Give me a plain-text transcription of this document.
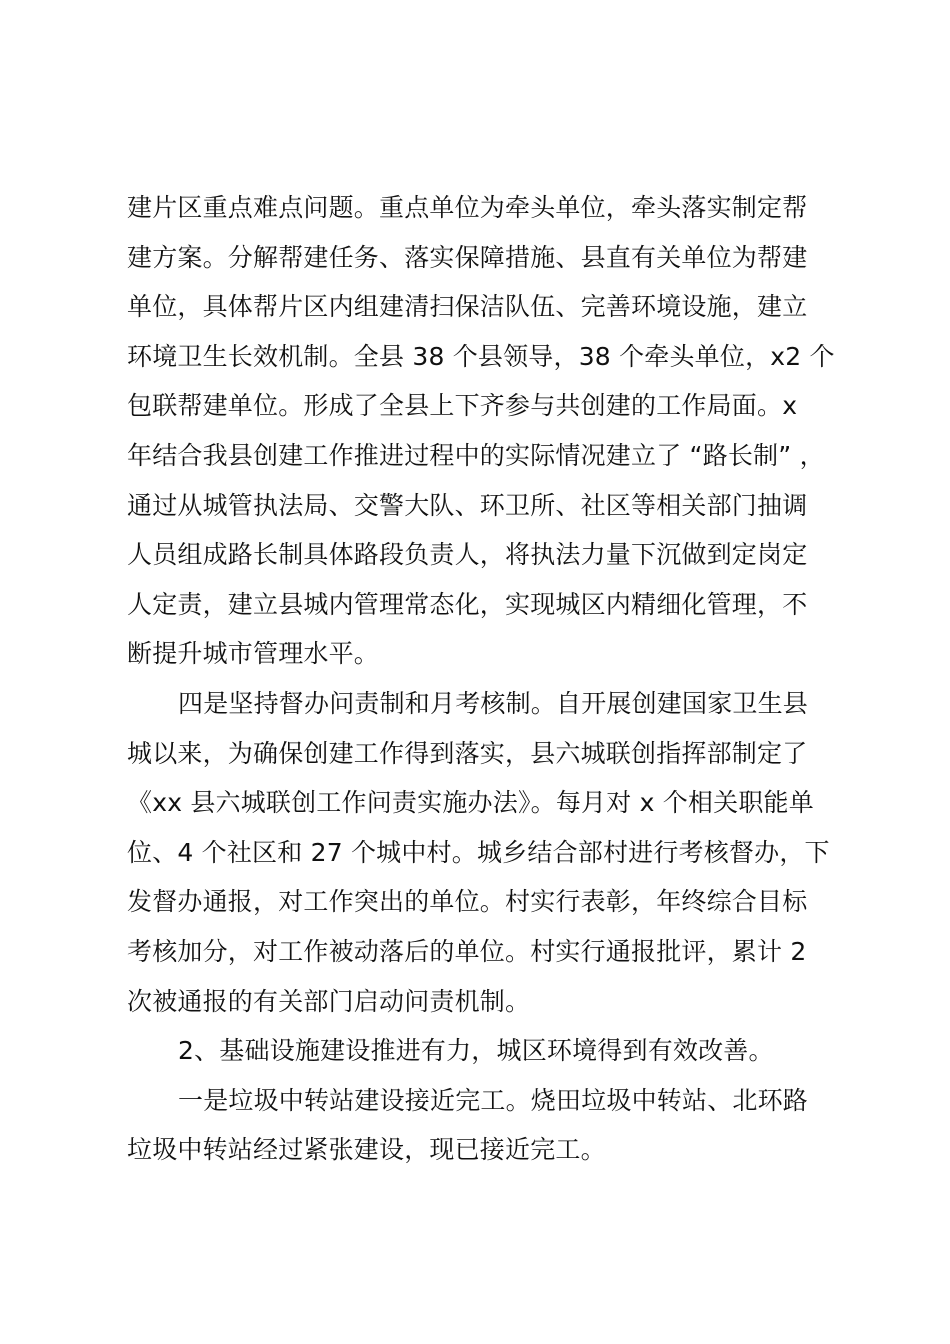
建片区重点难点问题。重点单位为牵头单位，牵头落实制定帮
建方案。分解帮建任务、落实保障措施、县直有关单位为帮建
单位，具体帮片区内组建清扫保洁队伍、完善环境设施，建立
环境卫生长效机制。全县 38 个县领导，38 个牵头单位，x2 个
包联帮建单位。形成了全县上下齐参与共创建的工作局面。x
年结合我县创建工作推进过程中的实际情况建立了 “路长制” ，
通过从城管执法局、交警大队、环卫所、社区等相关部门抽调
人员组成路长制具体路段负责人，将执法力量下沉做到定岗定
人定责，建立县城内管理常态化，实现城区内精细化管理，不
断提升城市管理水平。
四是坚持督办问责制和月考核制。自开展创建国家卫生县
城以来，为确保创建工作得到落实，县六城联创指挥部制定了
《xx 县六城联创工作问责实施办法》。每月对 x 个相关职能单
位、4 个社区和 27 个城中村。城乡结合部村进行考核督办，下
发督办通报，对工作突出的单位。村实行表彰，年终综合目标
考核加分，对工作被动落后的单位。村实行通报批评，累计 2
次被通报的有关部门启动问责机制。
2、基础设施建设推进有力，城区环境得到有效改善。
一是垃圾中转站建设接近完工。烧田垃圾中转站、北环路
垃圾中转站经过紧张建设，现已接近完工。
